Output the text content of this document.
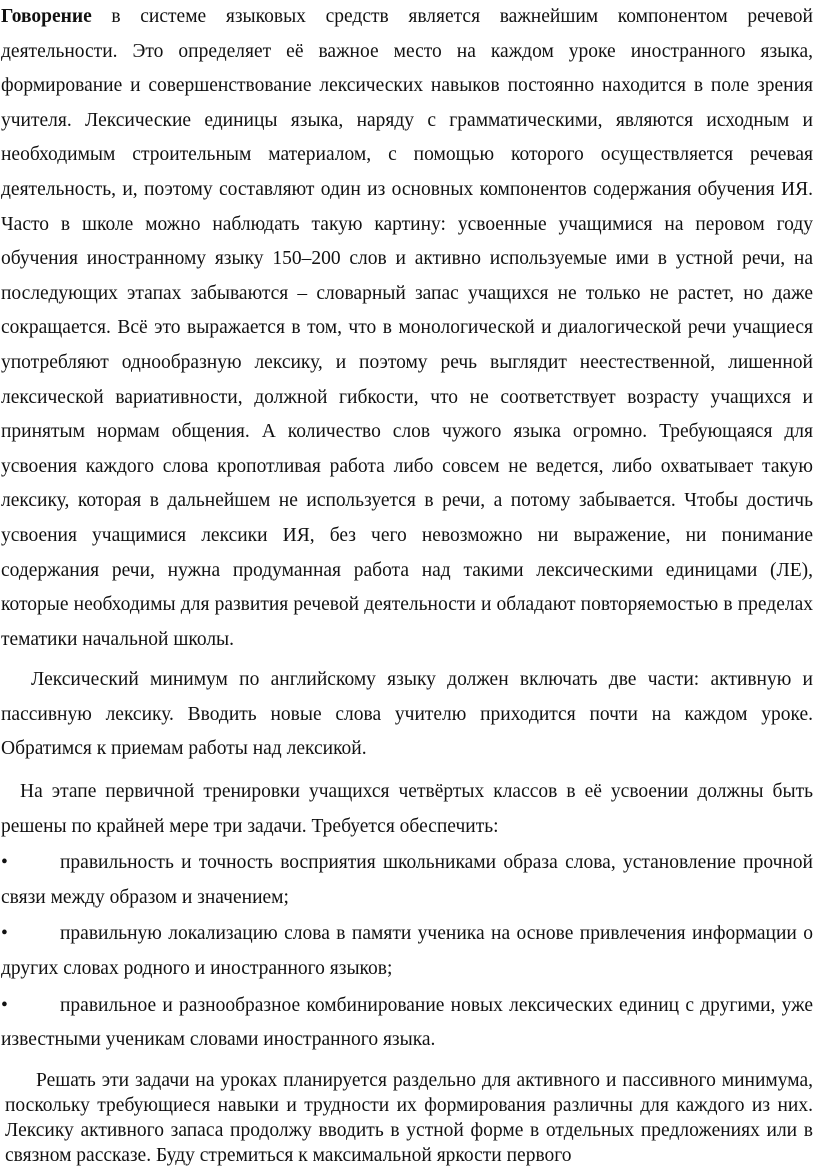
Говорение в системе языковых средств является важнейшим компонентом речевой деятельности. Это определяет её важное место на каждом уроке иностранного языка, формирование и совершенствование лексических навыков постоянно находится в поле зрения учителя. Лексические единицы языка, наряду с грамматическими, являются исходным и необходимым строительным материалом, с помощью которого осуществляется речевая деятельность, и, поэтому составляют один из основных компонентов содержания обучения ИЯ. Часто в школе можно наблюдать такую картину: усвоенные учащимися на перовом году обучения иностранному языку 150–200 слов и активно используемые ими в устной речи, на последующих этапах забываются – словарный запас учащихся не только не растет, но даже сокращается. Всё это выражается в том, что в монологической и диалогической речи учащиеся употребляют однообразную лексику, и поэтому речь выглядит неестественной, лишенной лексической вариативности, должной гибкости, что не соответствует возрасту учащихся и принятым нормам общения. А количество слов чужого языка огромно. Требующаяся для усвоения каждого слова кропотливая работа либо совсем не ведется, либо охватывает такую лексику, которая в дальнейшем не используется в речи, а потому забывается. Чтобы достичь усвоения учащимися лексики ИЯ, без чего невозможно ни выражение, ни понимание содержания речи, нужна продуманная работа над такими лексическими единицами (ЛЕ), которые необходимы для развития речевой деятельности и обладают повторяемостью в пределах тематики начальной школы.

Лексический минимум по английскому языку должен включать две части: активную и пассивную лексику. Вводить новые слова учителю приходится почти на каждом уроке. Обратимся к приемам работы над лексикой.

На этапе первичной тренировки учащихся четвёртых классов в её усвоении должны быть решены по крайней мере три задачи. Требуется обеспечить:

•	правильность и точность восприятия школьниками образа слова, установление прочной связи между образом и значением;
•	правильную локализацию слова в памяти ученика на основе привлечения информации о других словах родного и иностранного языков;
•	правильное и разнообразное комбинирование новых лексических единиц с другими, уже известными ученикам словами иностранного языка.

Решать эти задачи на уроках планируется раздельно для активного и пассивного минимума, поскольку требующиеся навыки и трудности их формирования различны для каждого из них. Лексику активного запаса продолжу вводить в устной форме в отдельных предложениях или в связном рассказе. Буду стремиться к максимальной яркости первого
